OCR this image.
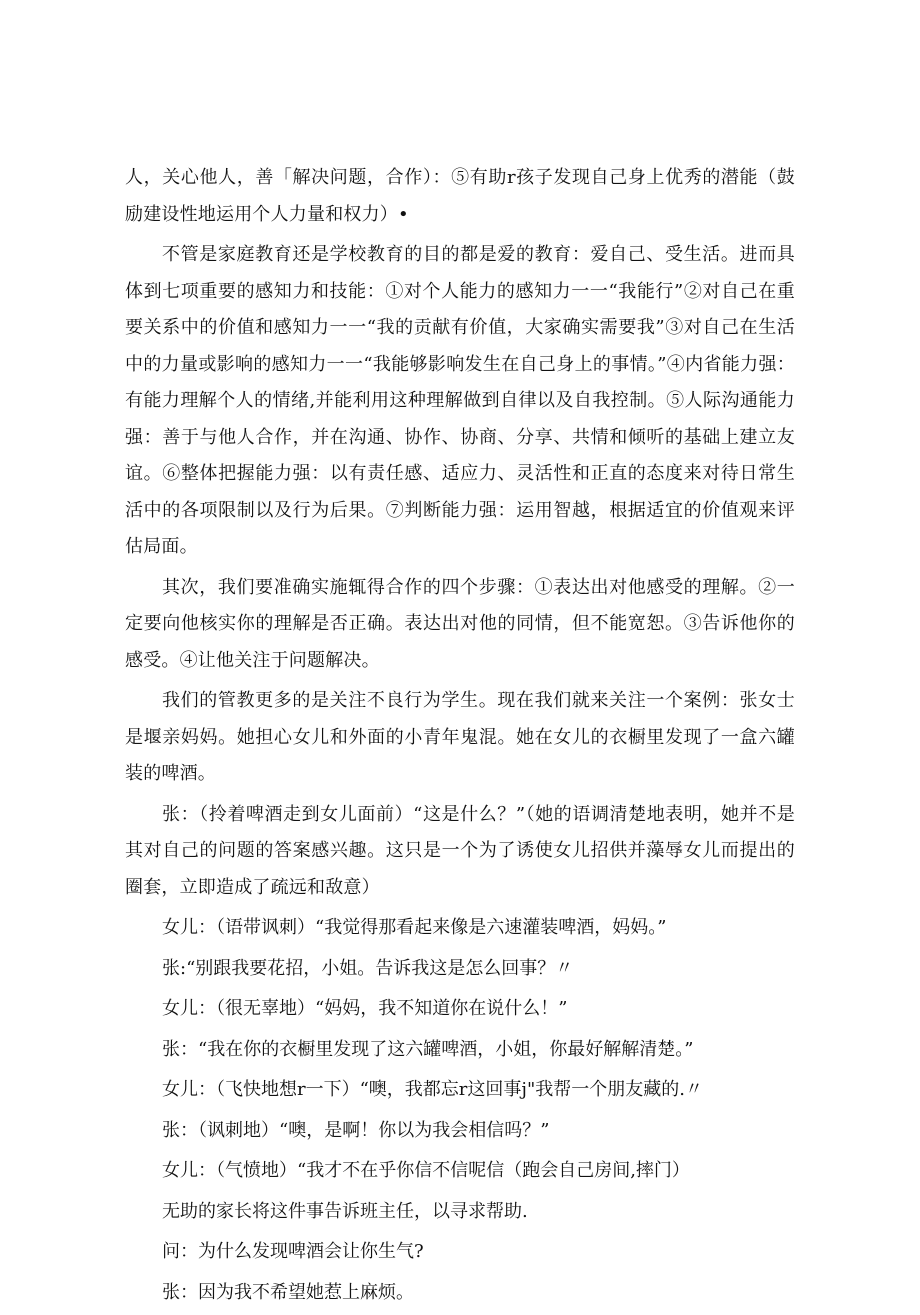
人，关心他人，善「解决问题，合作）：⑤有助r孩子发现自己身上优秀的潜能（鼓励建设性地运用个人力量和权力）•

不管是家庭教育还是学校教育的目的都是爱的教育：爱自己、受生活。进而具体到七项重要的感知力和技能：①对个人能力的感知力一一“我能行”②对自己在重要关系中的价值和感知力一一“我的贡献有价值，大家确实需要我”③对自己在生活中的力量或影响的感知力一一“我能够影响发生在自己身上的事情。”④内省能力强：有能力理解个人的情绪,并能利用这种理解做到自律以及自我控制。⑤人际沟通能力强：善于与他人合作，并在沟通、协作、协商、分享、共情和倾听的基础上建立友谊。⑥整体把握能力强：以有责任感、适应力、灵活性和正直的态度来对待日常生活中的各项限制以及行为后果。⑦判断能力强：运用智越，根据适宜的价值观来评估局面。

其次，我们要准确实施辄得合作的四个步骤：①表达出对他感受的理解。②一定要向他核实你的理解是否正确。表达出对他的同情，但不能宽恕。③告诉他你的感受。④让他关注于问题解决。

我们的管教更多的是关注不良行为学生。现在我们就来关注一个案例：张女士是堰亲妈妈。她担心女儿和外面的小青年鬼混。她在女儿的衣橱里发现了一盒六罐装的啤酒。

张：（拎着啤酒走到女儿面前）“这是什么？”（她的语调清楚地表明，她并不是其对自己的问题的答案感兴趣。这只是一个为了诱使女儿招供并藻辱女儿而提出的圈套，立即造成了疏远和敌意）

女儿：（语带讽刺）“我觉得那看起来像是六速灌装啤酒，妈妈。”

张:“别跟我要花招，小姐。告诉我这是怎么回事？〃

女儿：（很无辜地）“妈妈，我不知道你在说什么！”

张：“我在你的衣橱里发现了这六罐啤酒，小姐，你最好解解清楚。”

女儿：（飞快地想r一下）“噢，我都忘r这回事j"我帮一个朋友藏的.〃

张：（讽刺地）“噢，是啊！你以为我会相信吗？”

女儿：（气愤地）“我才不在乎你信不信呢信（跑会自己房间,摔门）

无助的家长将这件事告诉班主任，以寻求帮助.

问：为什么发现啤酒会让你生气?

张：因为我不希望她惹上麻烦。
